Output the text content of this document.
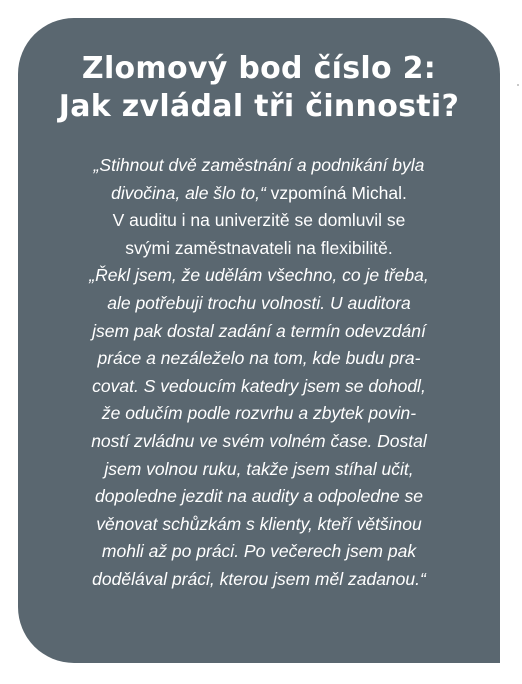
Zlomový bod číslo 2:
Jak zvládal tři činnosti?
„Stihnout dvě zaměstnání a podnikání byla
divočina, ale šlo to,“ vzpomíná Michal.
V auditu i na univerzitě se domluvil se
svými zaměstnavateli na flexibilitě.
„Řekl jsem, že udělám všechno, co je třeba,
ale potřebuji trochu volnosti. U auditora
jsem pak dostal zadání a termín odevzdání
práce a nezáleželo na tom, kde budu pra-
covat. S vedoucím katedry jsem se dohodl,
že odučím podle rozvrhu a zbytek povin-
ností zvládnu ve svém volném čase. Dostal
jsem volnou ruku, takže jsem stíhal učit,
dopoledne jezdit na audity a odpoledne se
věnovat schůzkám s klienty, kteří většinou
mohli až po práci. Po večerech jsem pak
dodělával práci, kterou jsem měl zadanou.“
